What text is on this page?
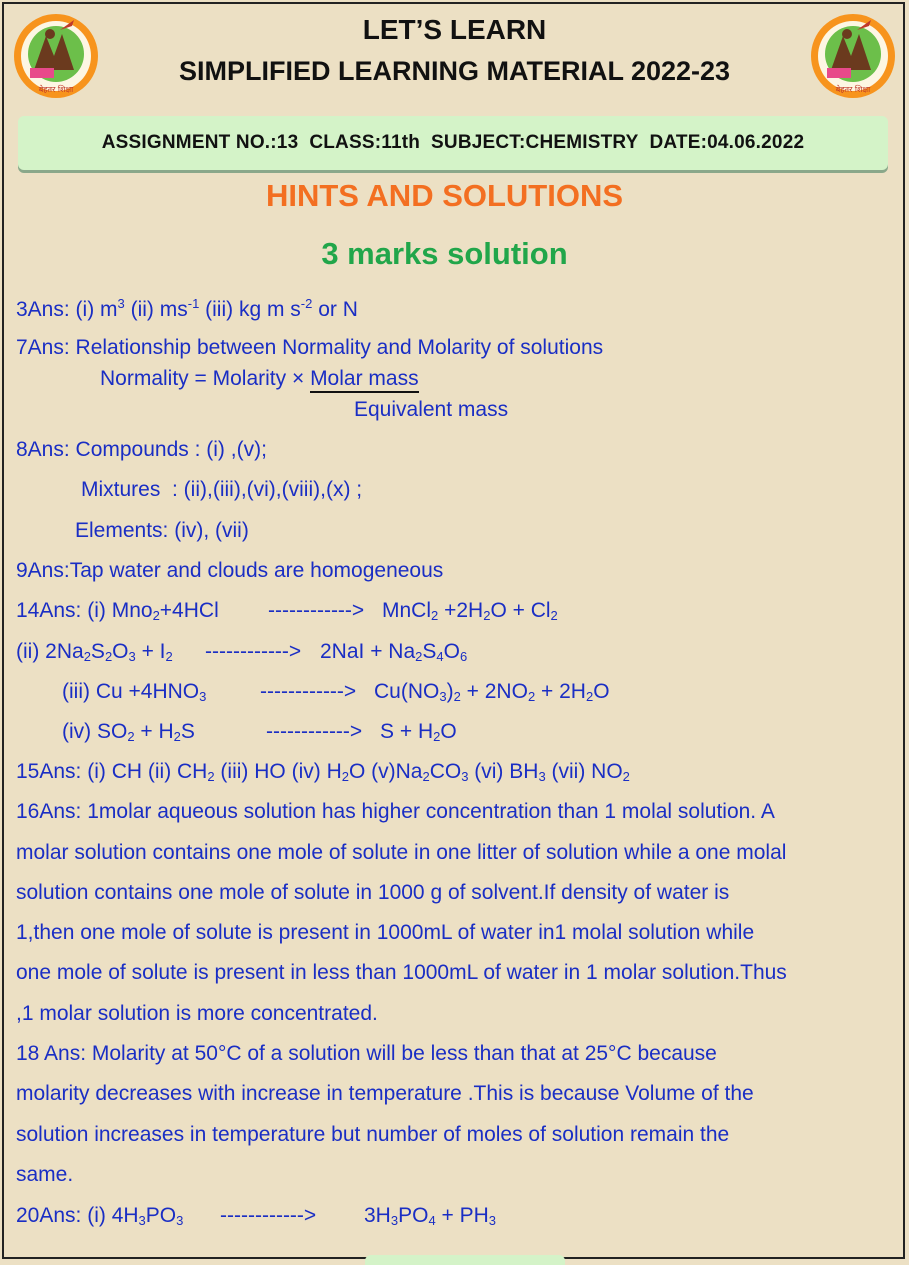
बेहतर शिक्षा	बेहतर शिक्षा
LET’S LEARN
SIMPLIFIED LEARNING MATERIAL 2022-23
ASSIGNMENT NO.:13
CLASS:11th
SUBJECT:CHEMISTRY
DATE:04.06.2022
HINTS AND SOLUTIONS
3 marks solution
3Ans: (i) $m^3$ (ii) $ms^{-1}$ (iii) kg m $s^{-2}$ or N
7Ans: Relationship between Normality and Molarity of solutions
Normality = Molarity × Molar mass
Equivalent mass
8Ans: Compounds : (i) ,(v);
Mixtures  : (ii),(iii),(vi),(viii),(x) ;
Elements: (iv), (vii)
9Ans:Tap water and clouds are homogeneous
14Ans: (i) Mno$_2$+4HCl ------------> MnCl$_2$ $+2H_2O + Cl_2$
(ii) $2Na_2S_2O_3 + I_2$ ------------> $2NaI + Na_2S_4O_6$
(iii) $Cu +4HNO_3$	------------> $Cu(NO_3)_2 + 2NO_2 + 2H_2O$
(iv) $SO_2 + H_2S$	------------> $S + H_2O$
15Ans: (i) CH (ii) $CH_2$ (iii) HO (iv) $H_2O$ $(v)Na_2CO_3$ (vi) $BH_3$ (vii) $NO_2$
16Ans: 1molar aqueous solution has higher concentration than 1 molal solution. A
molar solution contains one mole of solute in one litter of solution while a one molal
solution contains one mole of solute in 1000 g of solvent.If density of water is
1,then one mole of solute is present in 1000mL of water in1 molal solution while
one mole of solute is present in less than 1000mL of water in 1 molar solution.Thus
,1 molar solution is more concentrated.
18 Ans: Molarity at 50°C of a solution will be less than that at 25°C because
molarity decreases with increase in temperature .This is because Volume of the
solution increases in temperature but number of moles of solution remain the
same.
20Ans: (i) $4H_3PO_3$ ------------> $3H_3PO_4 + PH_3$
